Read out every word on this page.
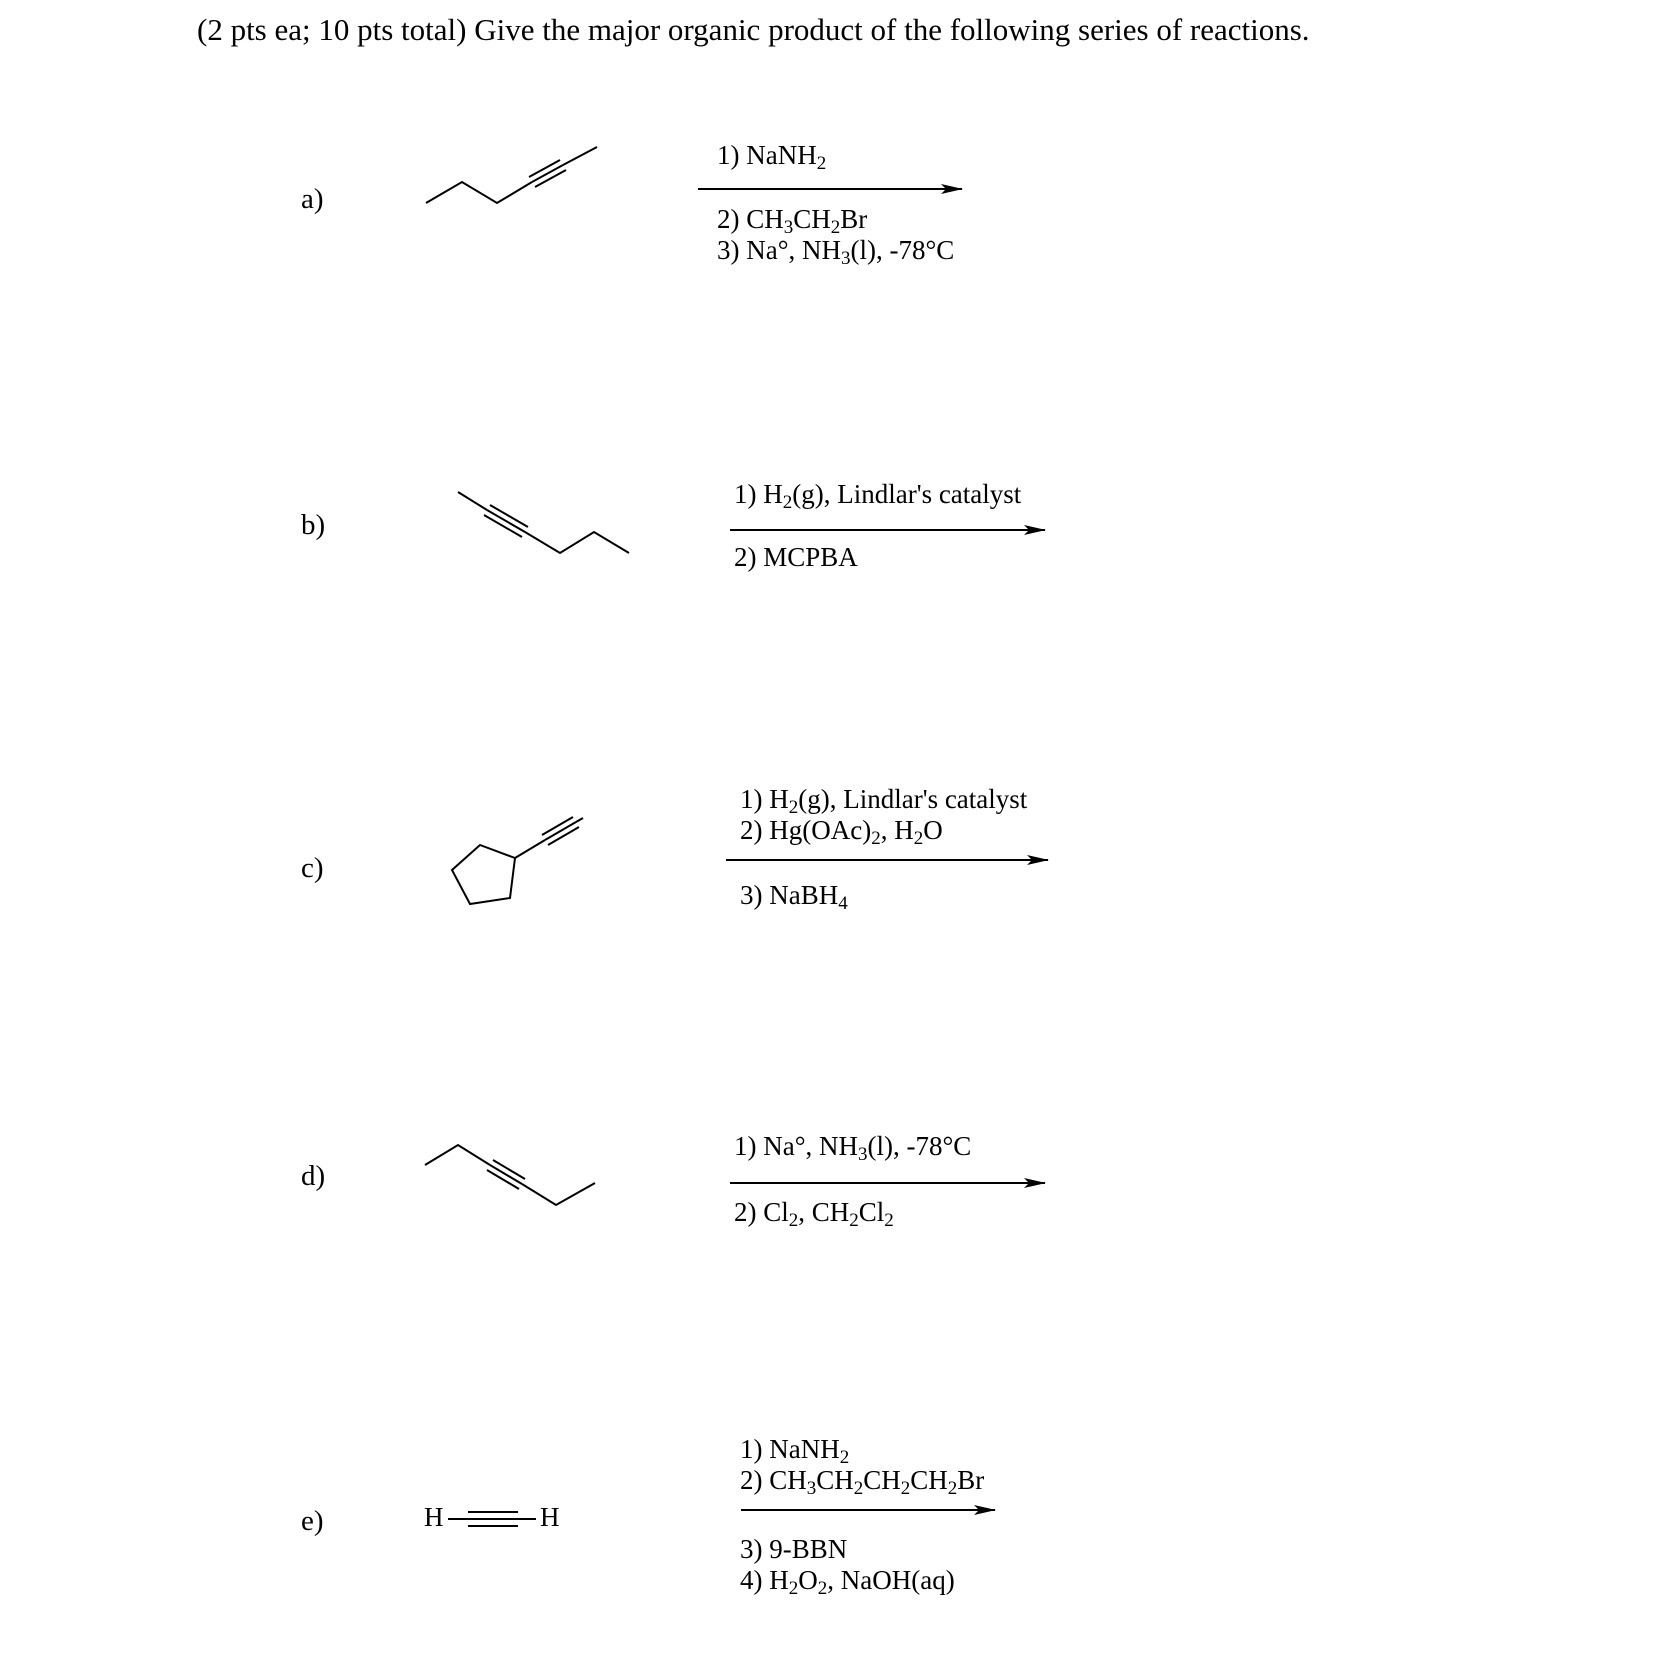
(2 pts ea; 10 pts total) Give the major organic product of the following series of reactions.
a)
b)
c)
d)
e)	H	H
1) NaNH$_2$
2) $CH_3CH_2Br$
3) Na°, $NH_3(l)$, -78°C
1) $H_2(g)$, Lindlar's catalyst
2) MCPBA
1) $H_2(g)$, Lindlar's catalyst
2) $Hg(OAc)_2$, $H_2O$
3) NaBH$_4$
1) Na°, $NH_3(l)$, -78°C
2) $Cl_2$, $CH_2Cl_2$
1) NaNH$_2$
2) $CH_3CH_2CH_2CH_2Br$
3) 9-BBN
4) $H_2O_2$, NaOH(aq)
